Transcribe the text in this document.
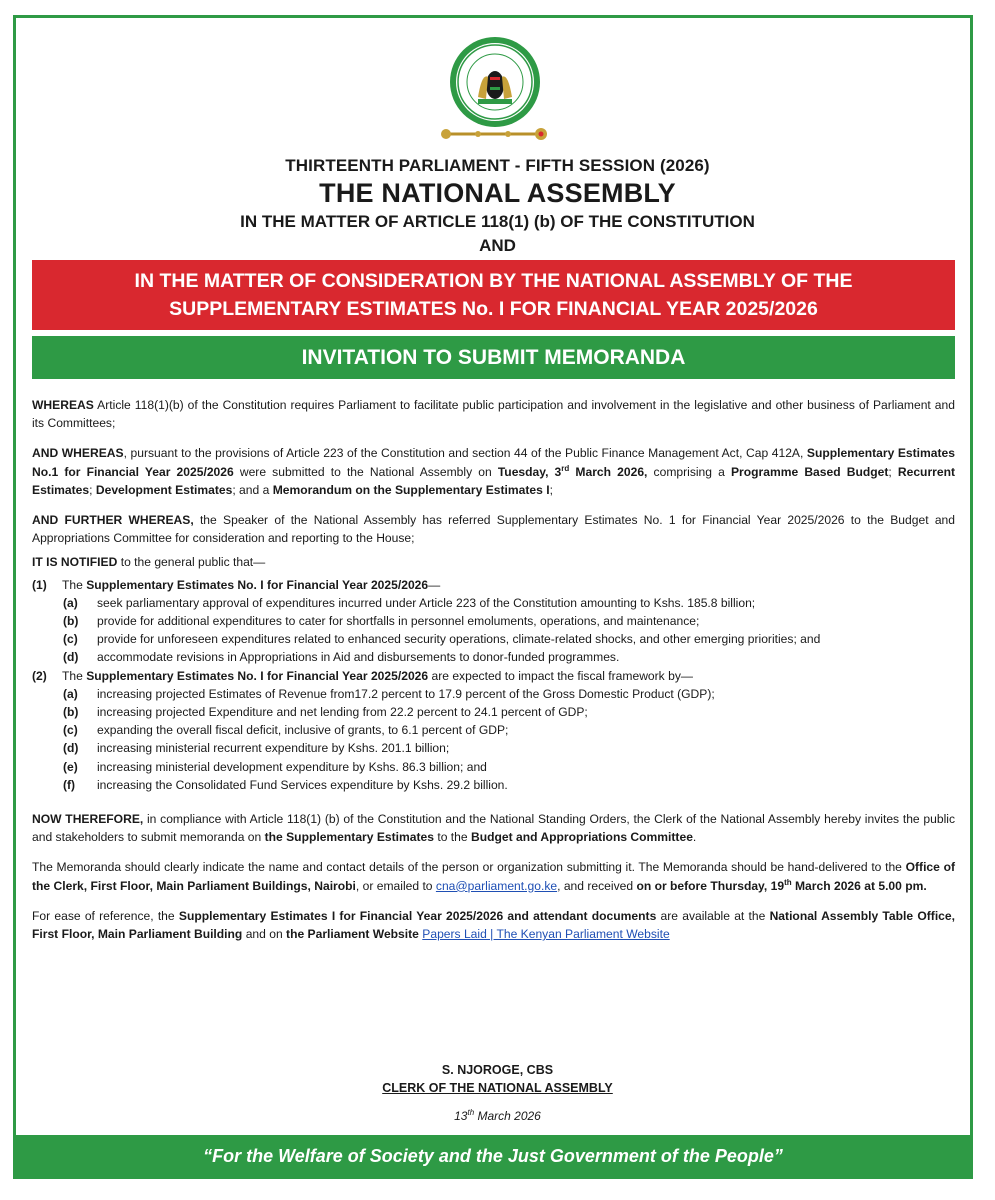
THIRTEENTH PARLIAMENT - FIFTH SESSION (2026)
THE NATIONAL ASSEMBLY
IN THE MATTER OF ARTICLE 118(1) (b) OF THE CONSTITUTION
AND
IN THE MATTER OF CONSIDERATION BY THE NATIONAL ASSEMBLY OF THE
SUPPLEMENTARY ESTIMATES No. I FOR FINANCIAL YEAR 2025/2026
INVITATION TO SUBMIT MEMORANDA

WHEREAS Article 118(1)(b) of the Constitution requires Parliament to facilitate public participation and involvement in the legislative and other business of Parliament and its Committees;

AND WHEREAS, pursuant to the provisions of Article 223 of the Constitution and section 44 of the Public Finance Management Act, Cap 412A, Supplementary Estimates No.1 for Financial Year 2025/2026 were submitted to the National Assembly on Tuesday, 3rd March 2026, comprising a Programme Based Budget; Recurrent Estimates; Development Estimates; and a Memorandum on the Supplementary Estimates I;

AND FURTHER WHEREAS, the Speaker of the National Assembly has referred Supplementary Estimates No. 1 for Financial Year 2025/2026 to the Budget and Appropriations Committee for consideration and reporting to the House;

IT IS NOTIFIED to the general public that—

(1) The Supplementary Estimates No. I for Financial Year 2025/2026—
(a) seek parliamentary approval of expenditures incurred under Article 223 of the Constitution amounting to Kshs. 185.8 billion;
(b) provide for additional expenditures to cater for shortfalls in personnel emoluments, operations, and maintenance;
(c) provide for unforeseen expenditures related to enhanced security operations, climate-related shocks, and other emerging priorities; and
(d) accommodate revisions in Appropriations in Aid and disbursements to donor-funded programmes.
(2) The Supplementary Estimates No. I for Financial Year 2025/2026 are expected to impact the fiscal framework by—
(a) increasing projected Estimates of Revenue from17.2 percent to 17.9 percent of the Gross Domestic Product (GDP);
(b) increasing projected Expenditure and net lending from 22.2 percent to 24.1 percent of GDP;
(c) expanding the overall fiscal deficit, inclusive of grants, to 6.1 percent of GDP;
(d) increasing ministerial recurrent expenditure by Kshs. 201.1 billion;
(e) increasing ministerial development expenditure by Kshs. 86.3 billion; and
(f) increasing the Consolidated Fund Services expenditure by Kshs. 29.2 billion.

NOW THEREFORE, in compliance with Article 118(1) (b) of the Constitution and the National Standing Orders, the Clerk of the National Assembly hereby invites the public and stakeholders to submit memoranda on the Supplementary Estimates to the Budget and Appropriations Committee.

The Memoranda should clearly indicate the name and contact details of the person or organization submitting it. The Memoranda should be hand-delivered to the Office of the Clerk, First Floor, Main Parliament Buildings, Nairobi, or emailed to cna@parliament.go.ke, and received on or before Thursday, 19th March 2026 at 5.00 pm.

For ease of reference, the Supplementary Estimates I for Financial Year 2025/2026 and attendant documents are available at the National Assembly Table Office, First Floor, Main Parliament Building and on the Parliament Website Papers Laid | The Kenyan Parliament Website

S. NJOROGE, CBS
CLERK OF THE NATIONAL ASSEMBLY
13th March 2026
“For the Welfare of Society and the Just Government of the People”
